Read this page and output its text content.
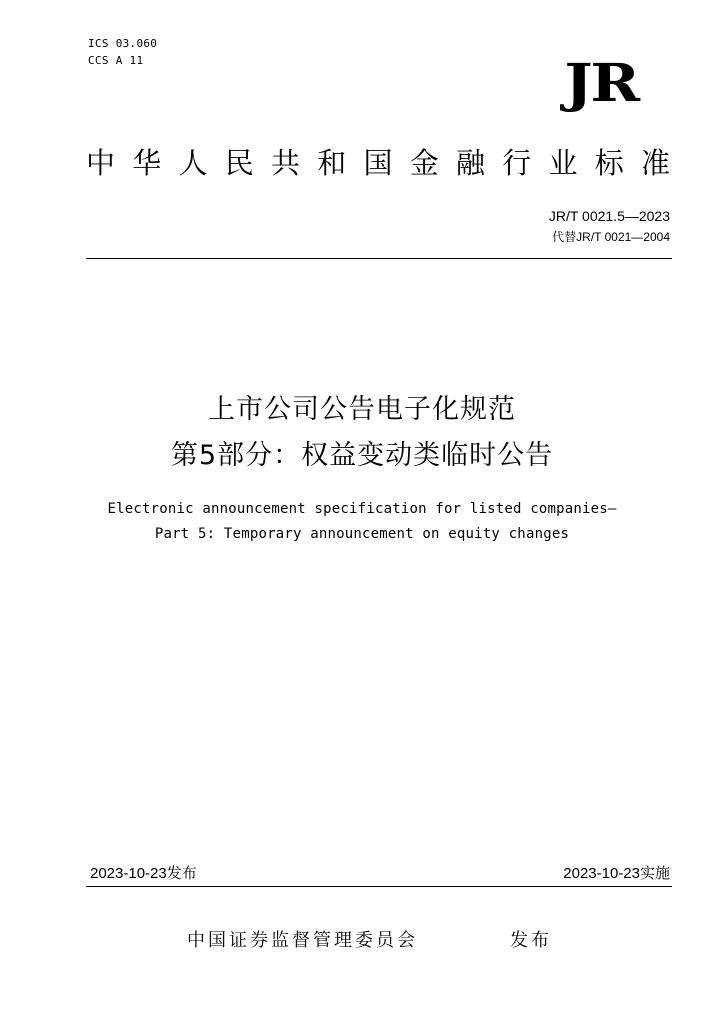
ICS 03.060
CCS A 11	JR
中华人民共和国金融行业标准
JR/T 0021.5—2023
代替JR/T 0021—2004
上市公司公告电子化规范
第5部分：权益变动类临时公告
Electronic announcement specification for listed companies—
Part 5: Temporary announcement on equity changes
2023-10-23发布	2023-10-23实施
中国证券监督管理委员会	发布
